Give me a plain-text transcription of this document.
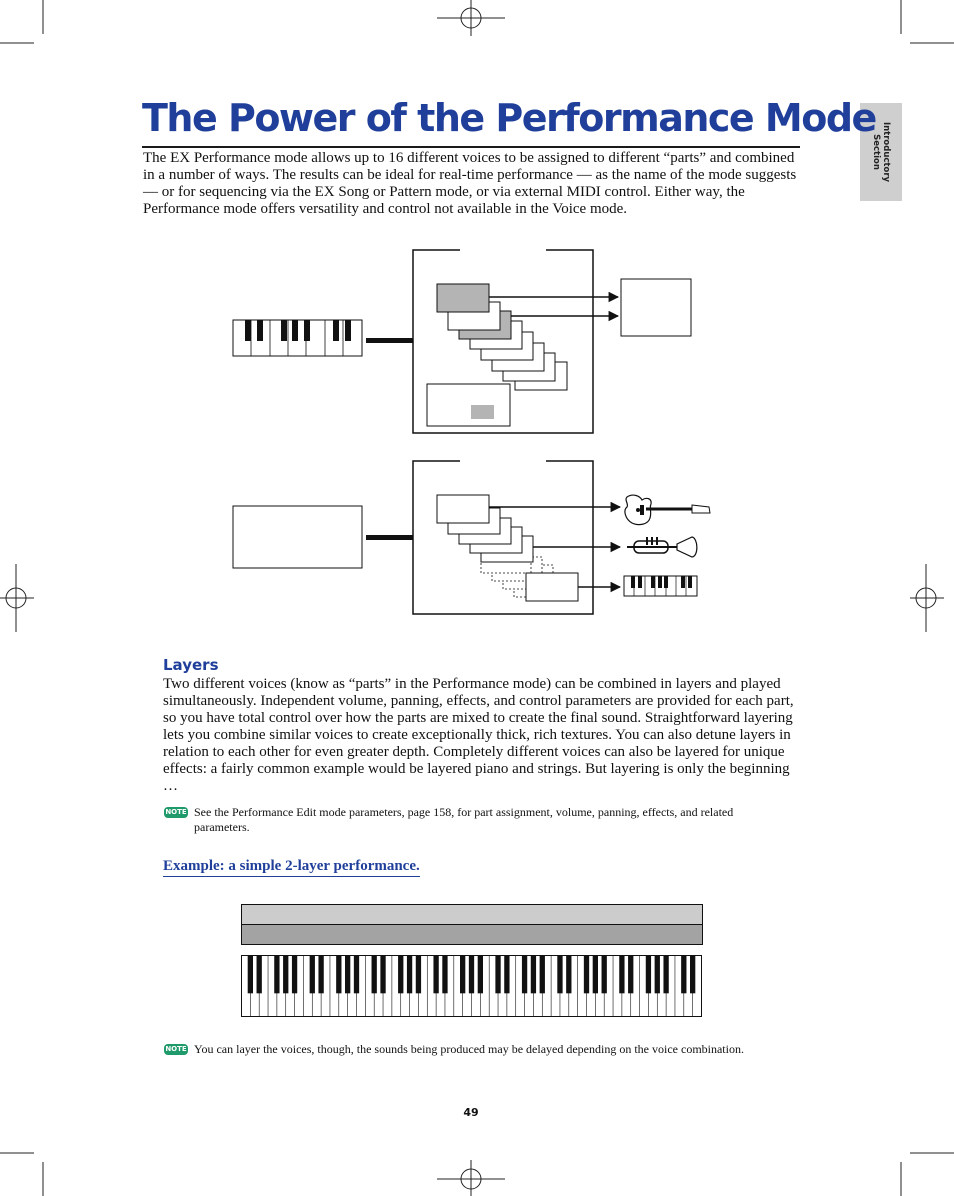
Introductory
Section
The Power of the Performance Mode

The EX Performance mode allows up to 16 different voices to be assigned to different “parts” and combined in a number of ways. The results can be ideal for real-time performance — as the name of the mode suggests — or for sequencing via the EX Song or Pattern mode, or via external MIDI control. Either way, the Performance mode offers versatility and control not available in the Voice mode.

Layers

Two different voices (know as “parts” in the Performance mode) can be combined in layers and played simultaneously. Independent volume, panning, effects, and control parameters are provided for each part, so you have total control over how the parts are mixed to create the final sound. Straightforward layering lets you combine similar voices to create exceptionally thick, rich textures. You can also detune layers in relation to each other for even greater depth. Completely different voices can also be layered for unique effects: a fairly common example would be layered piano and strings. But layering is only the beginning …

NOTE See the Performance Edit mode parameters, page 158, for part assignment, volume, panning, effects, and related parameters.

Example: a simple 2-layer performance.

NOTE You can layer the voices, though, the sounds being produced may be delayed depending on the voice combination.

49
